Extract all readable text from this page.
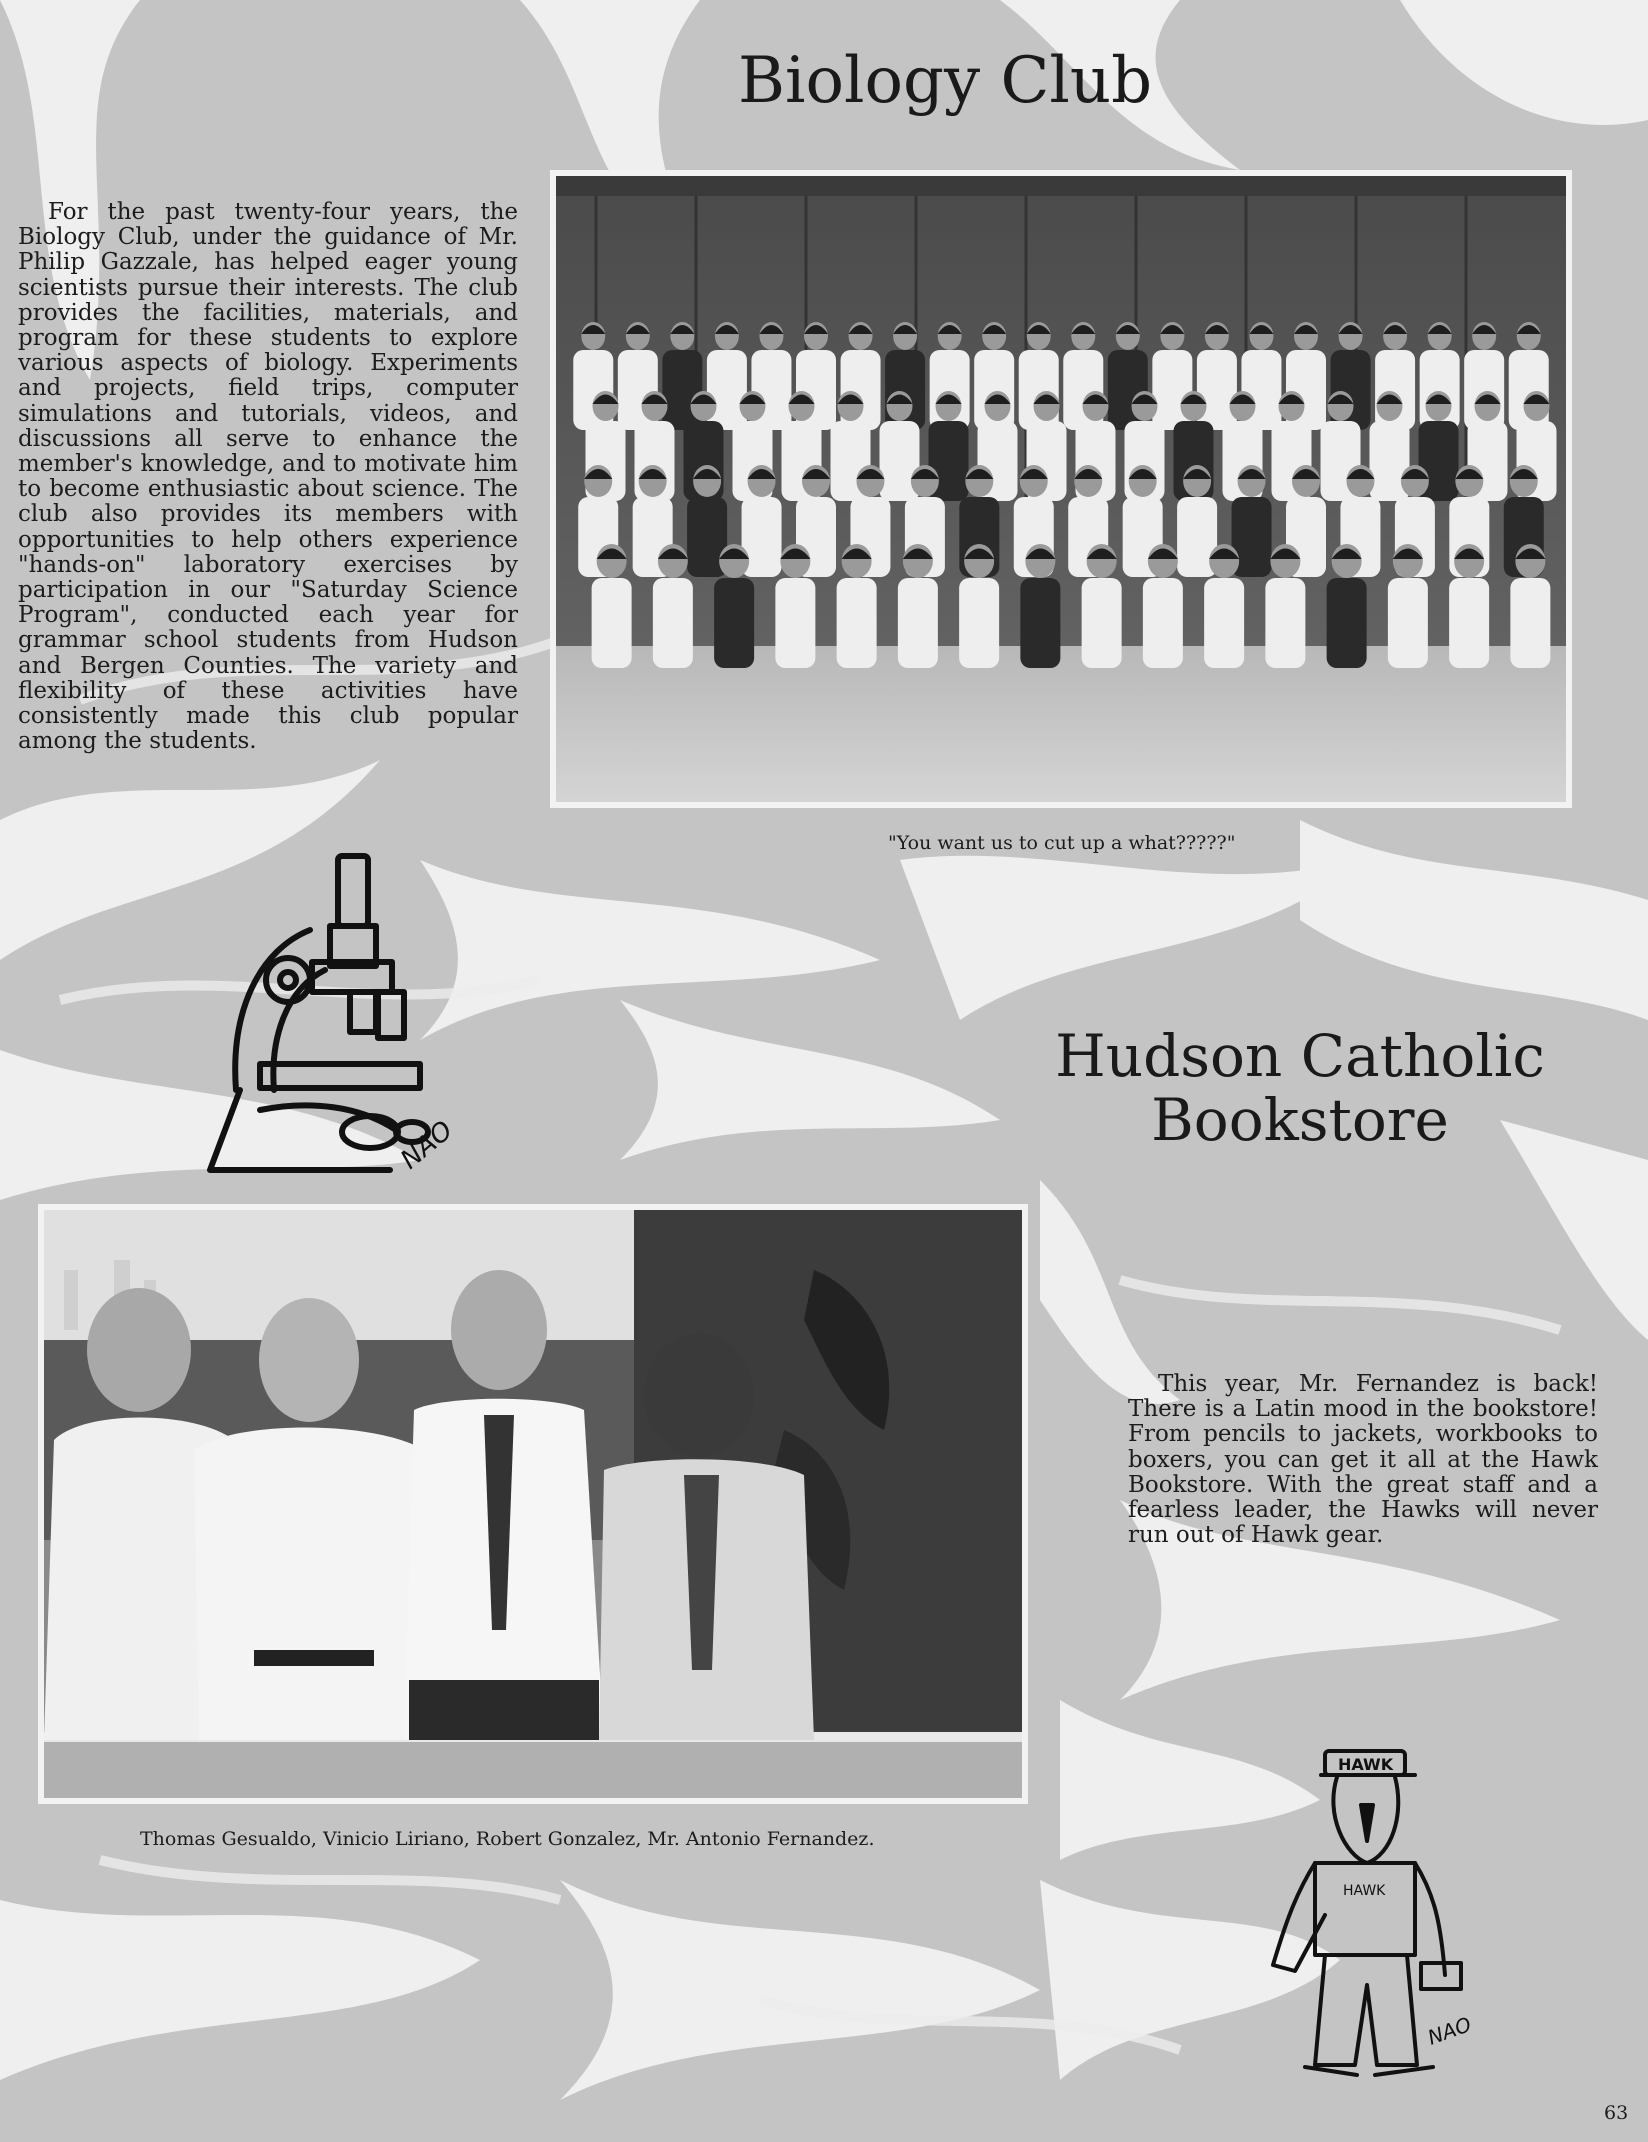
Biology Club
Hudson Catholic
Bookstore

For the past twenty-four years, the Biology Club, under the guidance of Mr. Philip Gazzale, has helped eager young scientists pursue their interests. The club provides the facilities, materials, and program for these students to explore various aspects of biology. Experiments and projects, field trips, computer simulations and tutorials, videos, and discussions all serve to enhance the member's knowledge, and to motivate him to become enthusiastic about science. The club also provides its members with opportunities to help others experience "hands-on" laboratory exercises by participation in our "Saturday Science Program", conducted each year for grammar school students from Hudson and Bergen Counties. The variety and flexibility of these activities have consistently made this club popular among the students.

This year, Mr. Fernandez is back! There is a Latin mood in the bookstore! From pencils to jackets, workbooks to boxers, you can get it all at the Hawk Bookstore. With the great staff and a fearless leader, the Hawks will never run out of Hawk gear.

"You want us to cut up a what?????"

Thomas Gesualdo, Vinicio Liriano, Robert Gonzalez, Mr. Antonio Fernandez.

NAO
HAWK
HAWK
NAO

63
